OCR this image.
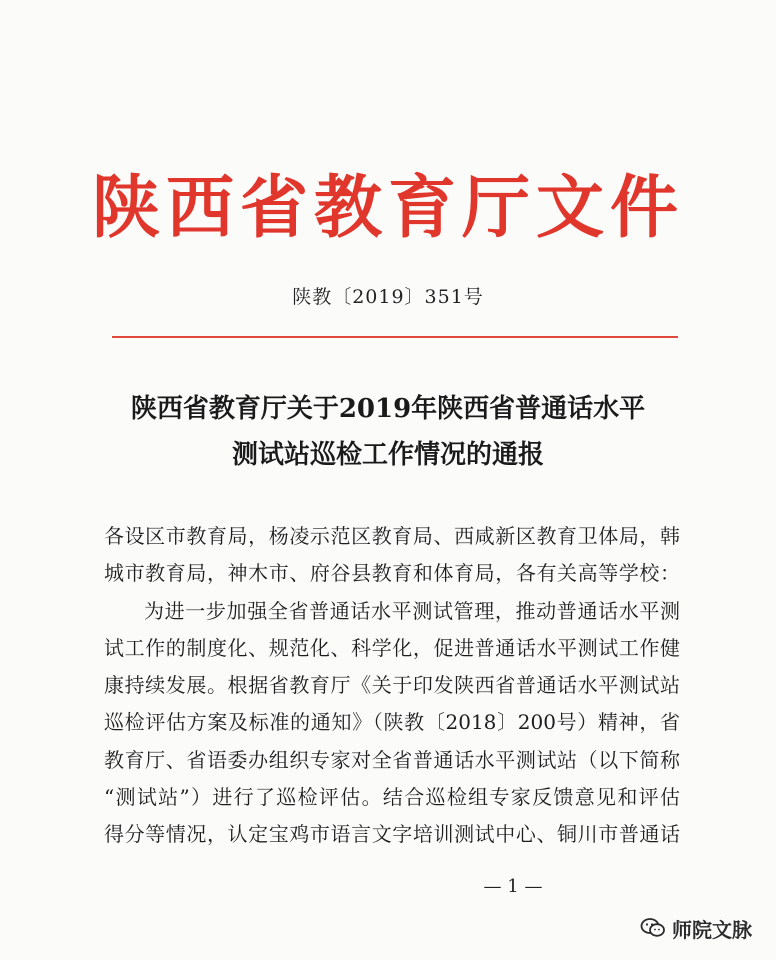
陕西省教育厅文件
陕教〔2019〕351号
陕西省教育厅关于2019年陕西省普通话水平
测试站巡检工作情况的通报
各设区市教育局，杨凌示范区教育局、西咸新区教育卫体局，韩
城市教育局，神木市、府谷县教育和体育局，各有关高等学校：
为进一步加强全省普通话水平测试管理，推动普通话水平测
试工作的制度化、规范化、科学化，促进普通话水平测试工作健
康持续发展。根据省教育厅《关于印发陕西省普通话水平测试站
巡检评估方案及标准的通知》（陕教〔2018〕200号）精神，省
教育厅、省语委办组织专家对全省普通话水平测试站（以下简称
“测试站”）进行了巡检评估。结合巡检组专家反馈意见和评估
得分等情况，认定宝鸡市语言文字培训测试中心、铜川市普通话
— 1 —
师院文脉
